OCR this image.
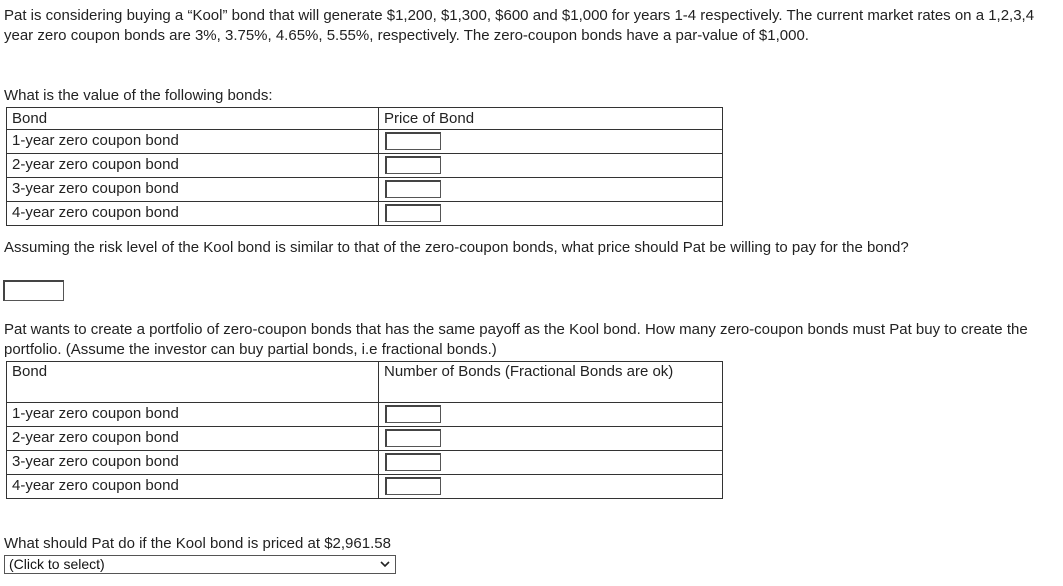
Pat is considering buying a “Kool” bond that will generate $1,200, $1,300, $600 and $1,000 for years 1-4 respectively. The current market rates on a 1,2,3,4 year zero coupon bonds are 3%, 3.75%, 4.65%, 5.55%, respectively. The zero-coupon bonds have a par-value of $1,000.

What is the value of the following bonds:

Bond	Price of Bond
1-year zero coupon bond	

2-year zero coupon bond	

3-year zero coupon bond	

4-year zero coupon bond	

Assuming the risk level of the Kool bond is similar to that of the zero-coupon bonds, what price should Pat be willing to pay for the bond?

Pat wants to create a portfolio of zero-coupon bonds that has the same payoff as the Kool bond. How many zero-coupon bonds must Pat buy to create the portfolio. (Assume the investor can buy partial bonds, i.e fractional bonds.)

Bond	Number of Bonds (Fractional Bonds are ok)
1-year zero coupon bond	

2-year zero coupon bond	

3-year zero coupon bond	

4-year zero coupon bond	

What should Pat do if the Kool bond is priced at $2,961.58

(Click to select)
